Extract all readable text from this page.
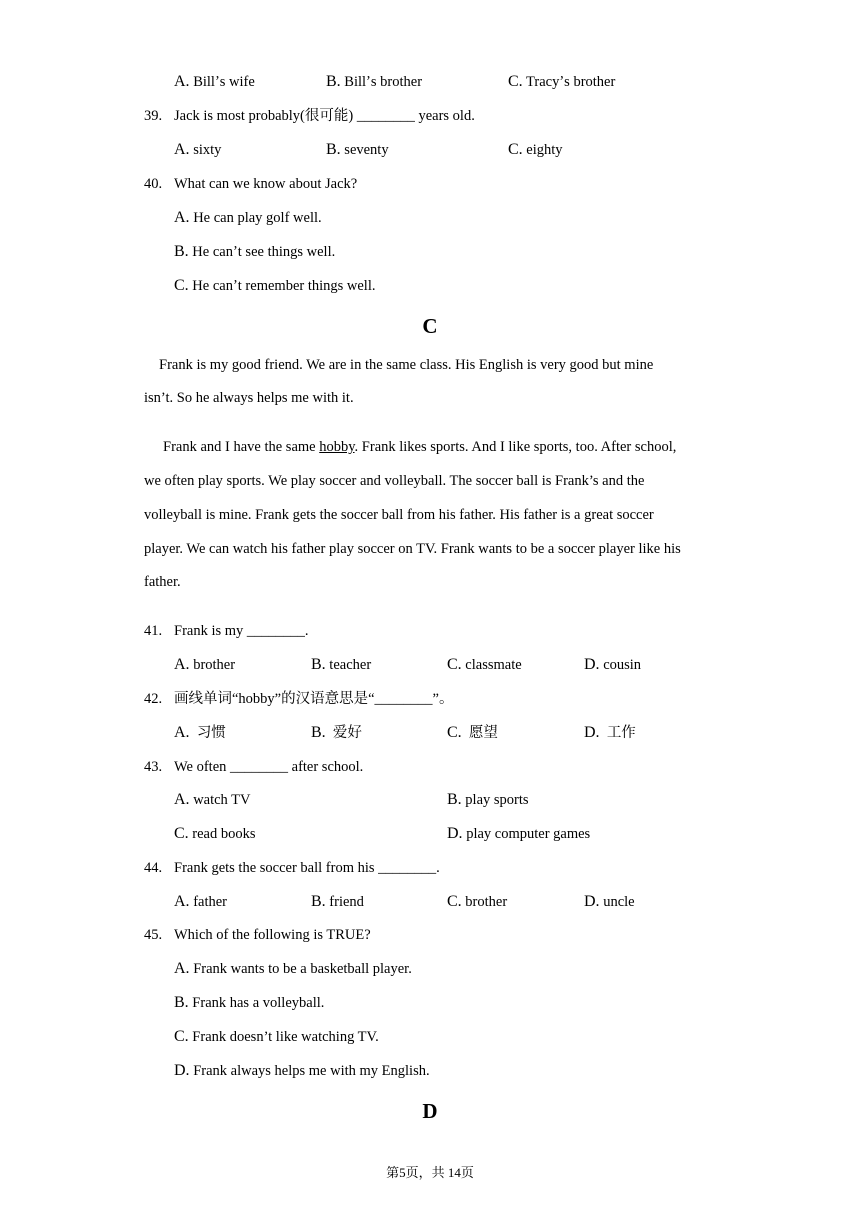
A. Billʼs wife	B. Billʼs brother	C. Tracyʼs brother
39. Jack is most probably(很可能) ________ years old.
A. sixty	B. seventy	C. eighty
40. What can we know about Jack?
A. He can play golf well.
B. He canʼt see things well.
C. He canʼt remember things well.
C
Frank is my good friend. We are in the same class. His English is very good but mine
isn’t. So he always helps me with it.
Frank and I have the same hobby. Frank likes sports. And I like sports, too. After school,
we often play sports. We play soccer and volleyball. The soccer ball is Frank’s and the
volleyball is mine. Frank gets the soccer ball from his father. His father is a great soccer
player. We can watch his father play soccer on TV. Frank wants to be a soccer player like his
father.
41. Frank is my ________.
A. brother	B. teacher	C. classmate	D. cousin
42. 画线单词“hobby”的汉语意思是“________”。
A. 习惯	B. 爱好	C. 愿望	D. 工作
43. We often ________ after school.
A. watch TV	B. play sports
C. read books	D. play computer games
44. Frank gets the soccer ball from his ________.
A. father	B. friend	C. brother	D. uncle
45. Which of the following is TRUE?
A. Frank wants to be a basketball player.
B. Frank has a volleyball.
C. Frank doesn’t like watching TV.
D. Frank always helps me with my English.
D
第5页，共 14页
